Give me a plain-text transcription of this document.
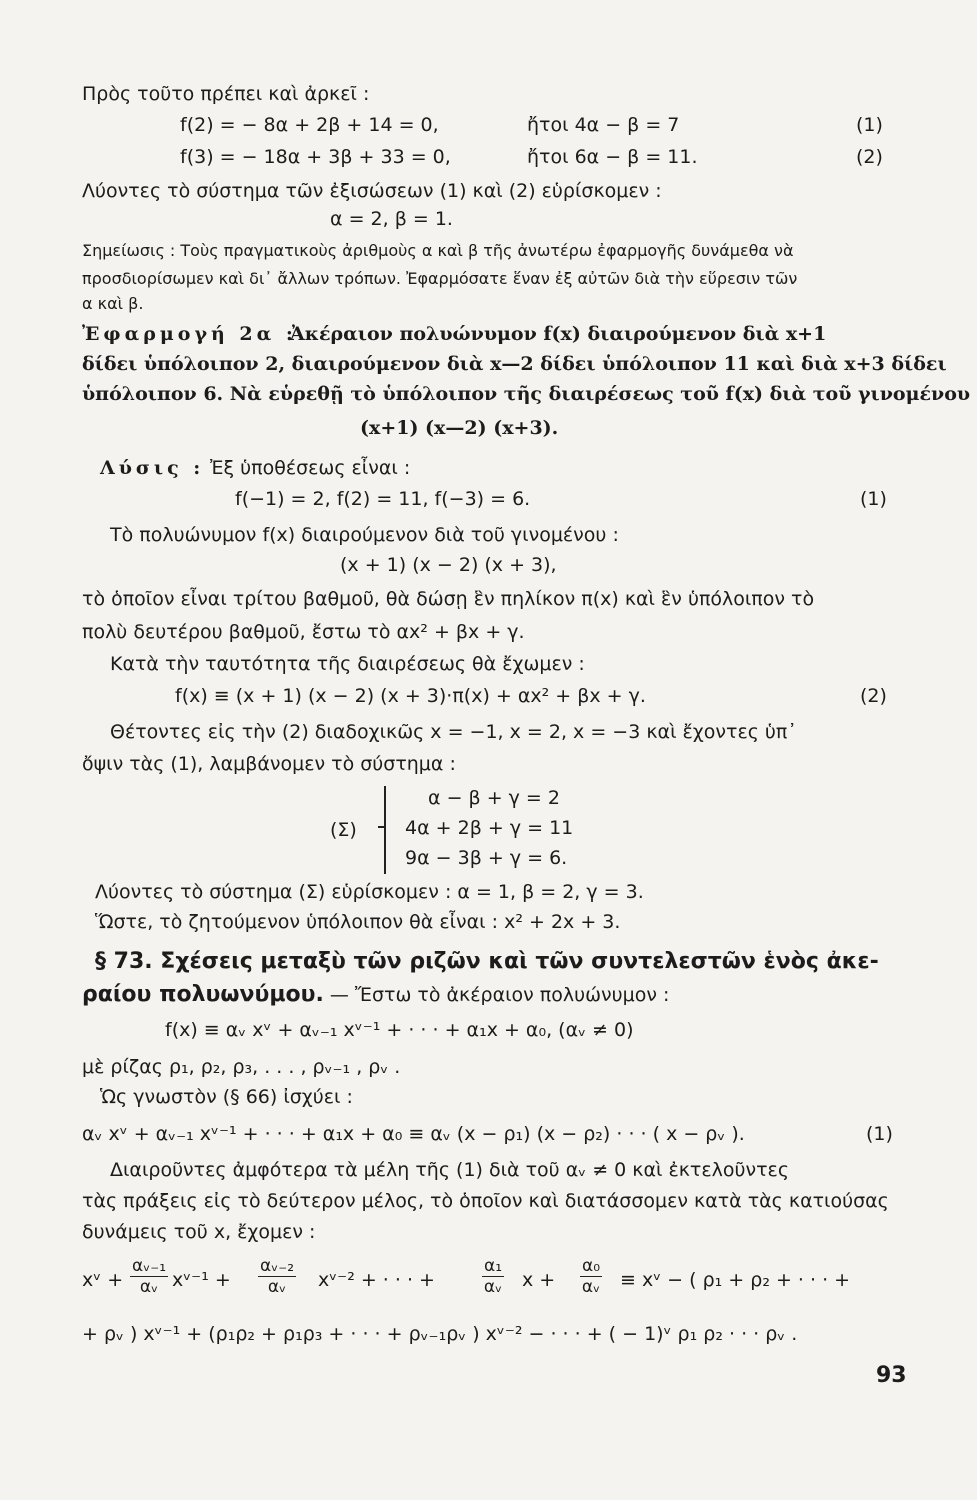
Πρὸς τοῦτο πρέπει καὶ ἀρκεῖ :
f(2) = − 8α + 2β + 14 = 0,	ἤτοι 4α − β = 7	(1)
f(3) = − 18α + 3β + 33 = 0,	ἤτοι 6α − β = 11.	(2)
Λύοντες τὸ σύστημα τῶν ἐξισώσεων (1) καὶ (2) εὑρίσκομεν :
α = 2, β = 1.
Σημείωσις : Τοὺς πραγματικοὺς ἀριθμοὺς α καὶ β τῆς ἀνωτέρω ἐφαρμογῆς δυνάμεθα νὰ
προσδιορίσωμεν καὶ δι᾽ ἄλλων τρόπων. Ἐφαρμόσατε ἕναν ἐξ αὐτῶν διὰ τὴν εὕρεσιν τῶν
α καὶ β.
Ἐφαρμογή 2α :
Ἀκέραιον πολυώνυμον f(x) διαιρούμενον διὰ x+1
δίδει ὑπόλοιπον 2, διαιρούμενον διὰ x—2 δίδει ὑπόλοιπον 11 καὶ διὰ x+3 δίδει
ὑπόλοιπον 6. Νὰ εὑρεθῇ τὸ ὑπόλοιπον τῆς διαιρέσεως τοῦ f(x) διὰ τοῦ γινομένου
(x+1) (x—2) (x+3).
Λύσις : Ἐξ ὑποθέσεως εἶναι :
f(−1) = 2, f(2) = 11, f(−3) = 6.	(1)
Τὸ πολυώνυμον f(x) διαιρούμενον διὰ τοῦ γινομένου :
(x + 1) (x − 2) (x + 3),
τὸ ὁποῖον εἶναι τρίτου βαθμοῦ, θὰ δώσῃ ἓν πηλίκον π(x) καὶ ἓν ὑπόλοιπον τὸ
πολὺ δευτέρου βαθμοῦ, ἔστω τὸ αx² + βx + γ.
Κατὰ τὴν ταυτότητα τῆς διαιρέσεως θὰ ἔχωμεν :
f(x) ≡ (x + 1) (x − 2) (x + 3)·π(x) + αx² + βx + γ.	(2)
Θέτοντες εἰς τὴν (2) διαδοχικῶς x = −1, x = 2, x = −3 καὶ ἔχοντες ὑπ᾽
ὄψιν τὰς (1), λαμβάνομεν τὸ σύστημα :
(Σ)
α − β + γ = 2
4α + 2β + γ = 11
9α − 3β + γ = 6.
Λύοντες τὸ σύστημα (Σ) εὑρίσκομεν : α = 1, β = 2, γ = 3.
Ὥστε, τὸ ζητούμενον ὑπόλοιπον θὰ εἶναι : x² + 2x + 3.
§ 73. Σχέσεις μεταξὺ τῶν ριζῶν καὶ τῶν συντελεστῶν ἑνὸς ἀκε-
ραίου πολυωνύμου. — Ἔστω τὸ ἀκέραιον πολυώνυμον :
f(x) ≡ αᵥ xᵛ + αᵥ₋₁ xᵛ⁻¹ + · · · + α₁x + α₀, (αᵥ ≠ 0)
μὲ ρίζας ρ₁, ρ₂, ρ₃, . . . , ρᵥ₋₁ , ρᵥ .
Ὡς γνωστὸν (§ 66) ἰσχύει :
αᵥ xᵛ + αᵥ₋₁ xᵛ⁻¹ + · · · + α₁x + α₀ ≡ αᵥ (x − ρ₁) (x − ρ₂) · · · ( x − ρᵥ ).	(1)
Διαιροῦντες ἀμφότερα τὰ μέλη τῆς (1) διὰ τοῦ αᵥ ≠ 0 καὶ ἐκτελοῦντες
τὰς πράξεις εἰς τὸ δεύτερον μέλος, τὸ ὁποῖον καὶ διατάσσομεν κατὰ τὰς κατιούσας
δυνάμεις τοῦ x, ἔχομεν :
xᵛ + $\frac{\text{αᵥ₋₁}}{\text{αᵥ}}$ xᵛ⁻¹ + $\frac{\text{αᵥ₋₂}}{\text{αᵥ}}$ xᵛ⁻² + · · · +	$\frac{\text{α₁}}{\text{αᵥ}}$ $x + \frac{\text{α₀}}{\text{αᵥ}}$ ≡ xᵛ − ( ρ₁ + ρ₂ + · · · +
+ ρᵥ ) xᵛ⁻¹ + (ρ₁ρ₂ + ρ₁ρ₃ + · · · + ρᵥ₋₁ρᵥ ) xᵛ⁻² − · · · + ( − 1)ᵛ ρ₁ ρ₂ · · · ρᵥ .
93
